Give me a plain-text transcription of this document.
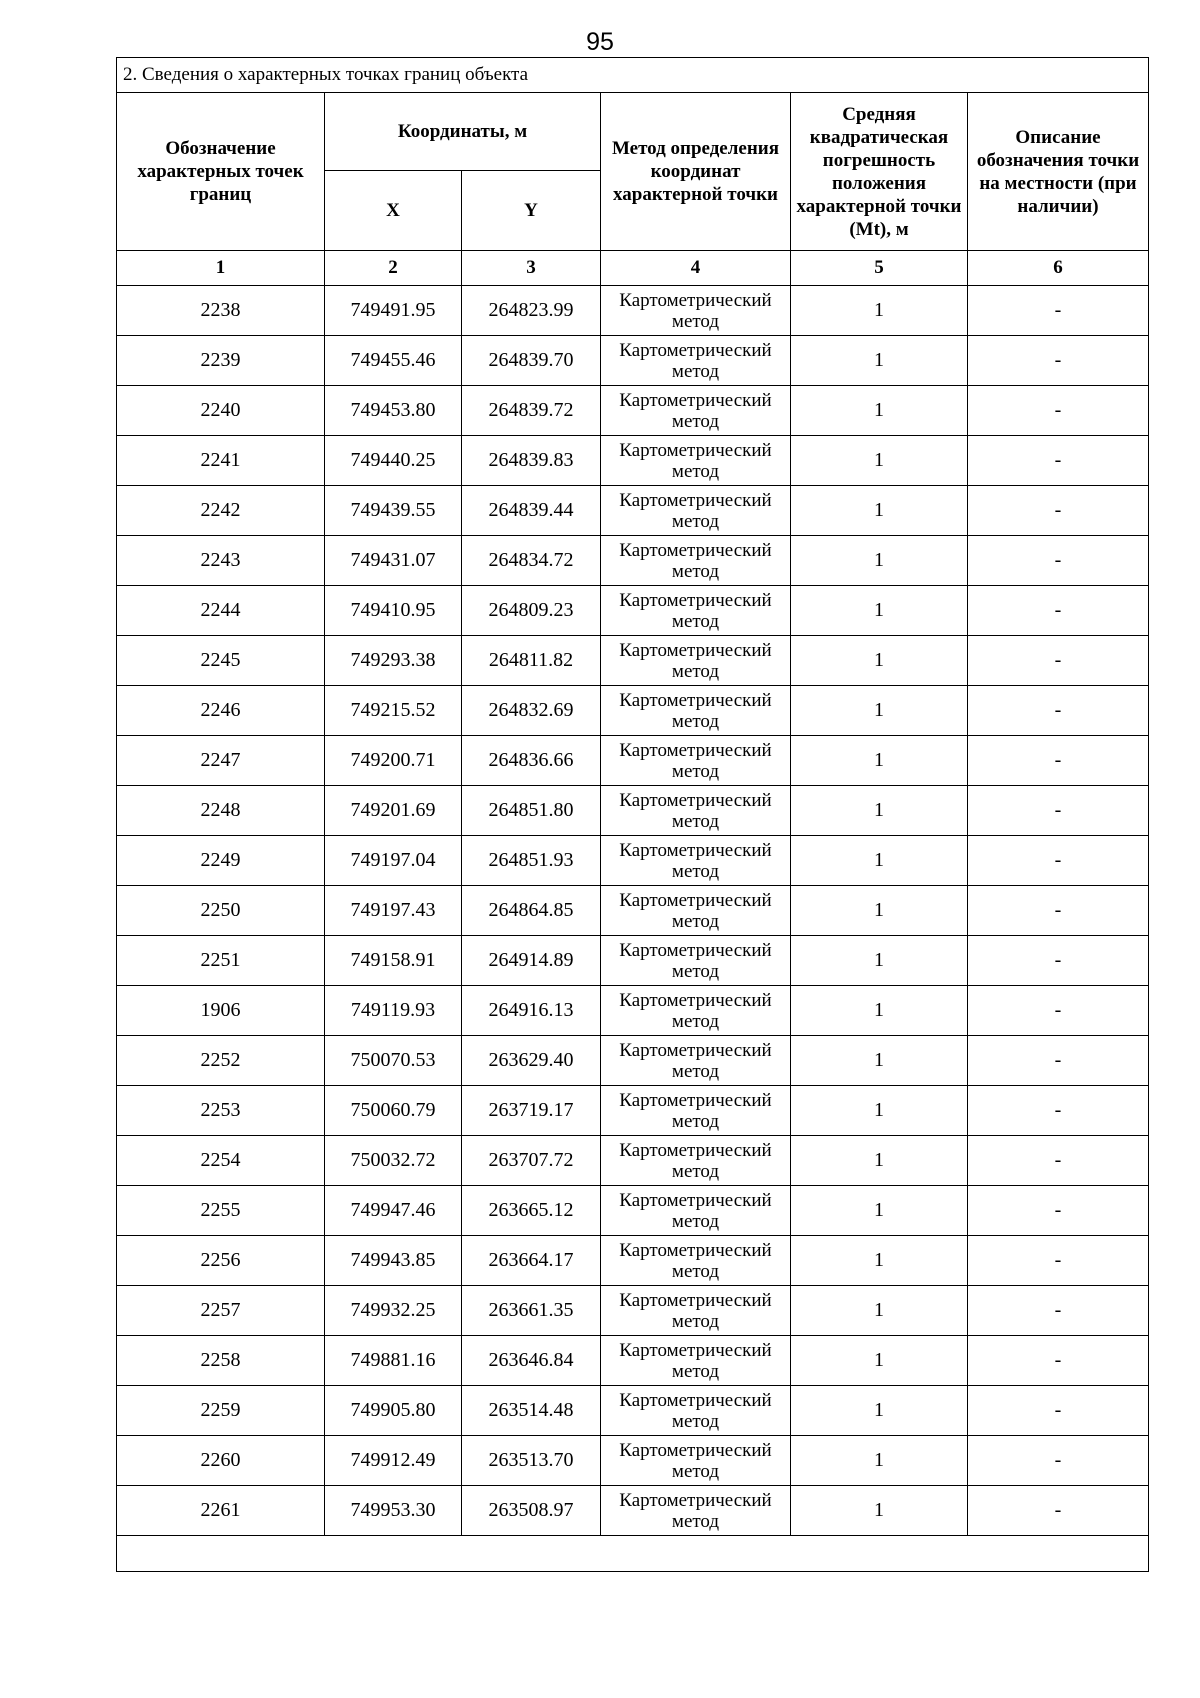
95
2. Сведения о характерных точках границ объекта					
Обозначение характерных точек границ	Координаты, м		Метод определения координат характерной точки	Средняя квадратическая погрешность положения характерной точки (Mt), м	Описание обозначения точки на местности (при наличии)
	X	Y			
1	2	3	4	5	6
2238	749491.95	264823.99	Картометрический метод	1	-
2239	749455.46	264839.70	Картометрический метод	1	-
2240	749453.80	264839.72	Картометрический метод	1	-
2241	749440.25	264839.83	Картометрический метод	1	-
2242	749439.55	264839.44	Картометрический метод	1	-
2243	749431.07	264834.72	Картометрический метод	1	-
2244	749410.95	264809.23	Картометрический метод	1	-
2245	749293.38	264811.82	Картометрический метод	1	-
2246	749215.52	264832.69	Картометрический метод	1	-
2247	749200.71	264836.66	Картометрический метод	1	-
2248	749201.69	264851.80	Картометрический метод	1	-
2249	749197.04	264851.93	Картометрический метод	1	-
2250	749197.43	264864.85	Картометрический метод	1	-
2251	749158.91	264914.89	Картометрический метод	1	-
1906	749119.93	264916.13	Картометрический метод	1	-
2252	750070.53	263629.40	Картометрический метод	1	-
2253	750060.79	263719.17	Картометрический метод	1	-
2254	750032.72	263707.72	Картометрический метод	1	-
2255	749947.46	263665.12	Картометрический метод	1	-
2256	749943.85	263664.17	Картометрический метод	1	-
2257	749932.25	263661.35	Картометрический метод	1	-
2258	749881.16	263646.84	Картометрический метод	1	-
2259	749905.80	263514.48	Картометрический метод	1	-
2260	749912.49	263513.70	Картометрический метод	1	-
2261	749953.30	263508.97	Картометрический метод	1	-
